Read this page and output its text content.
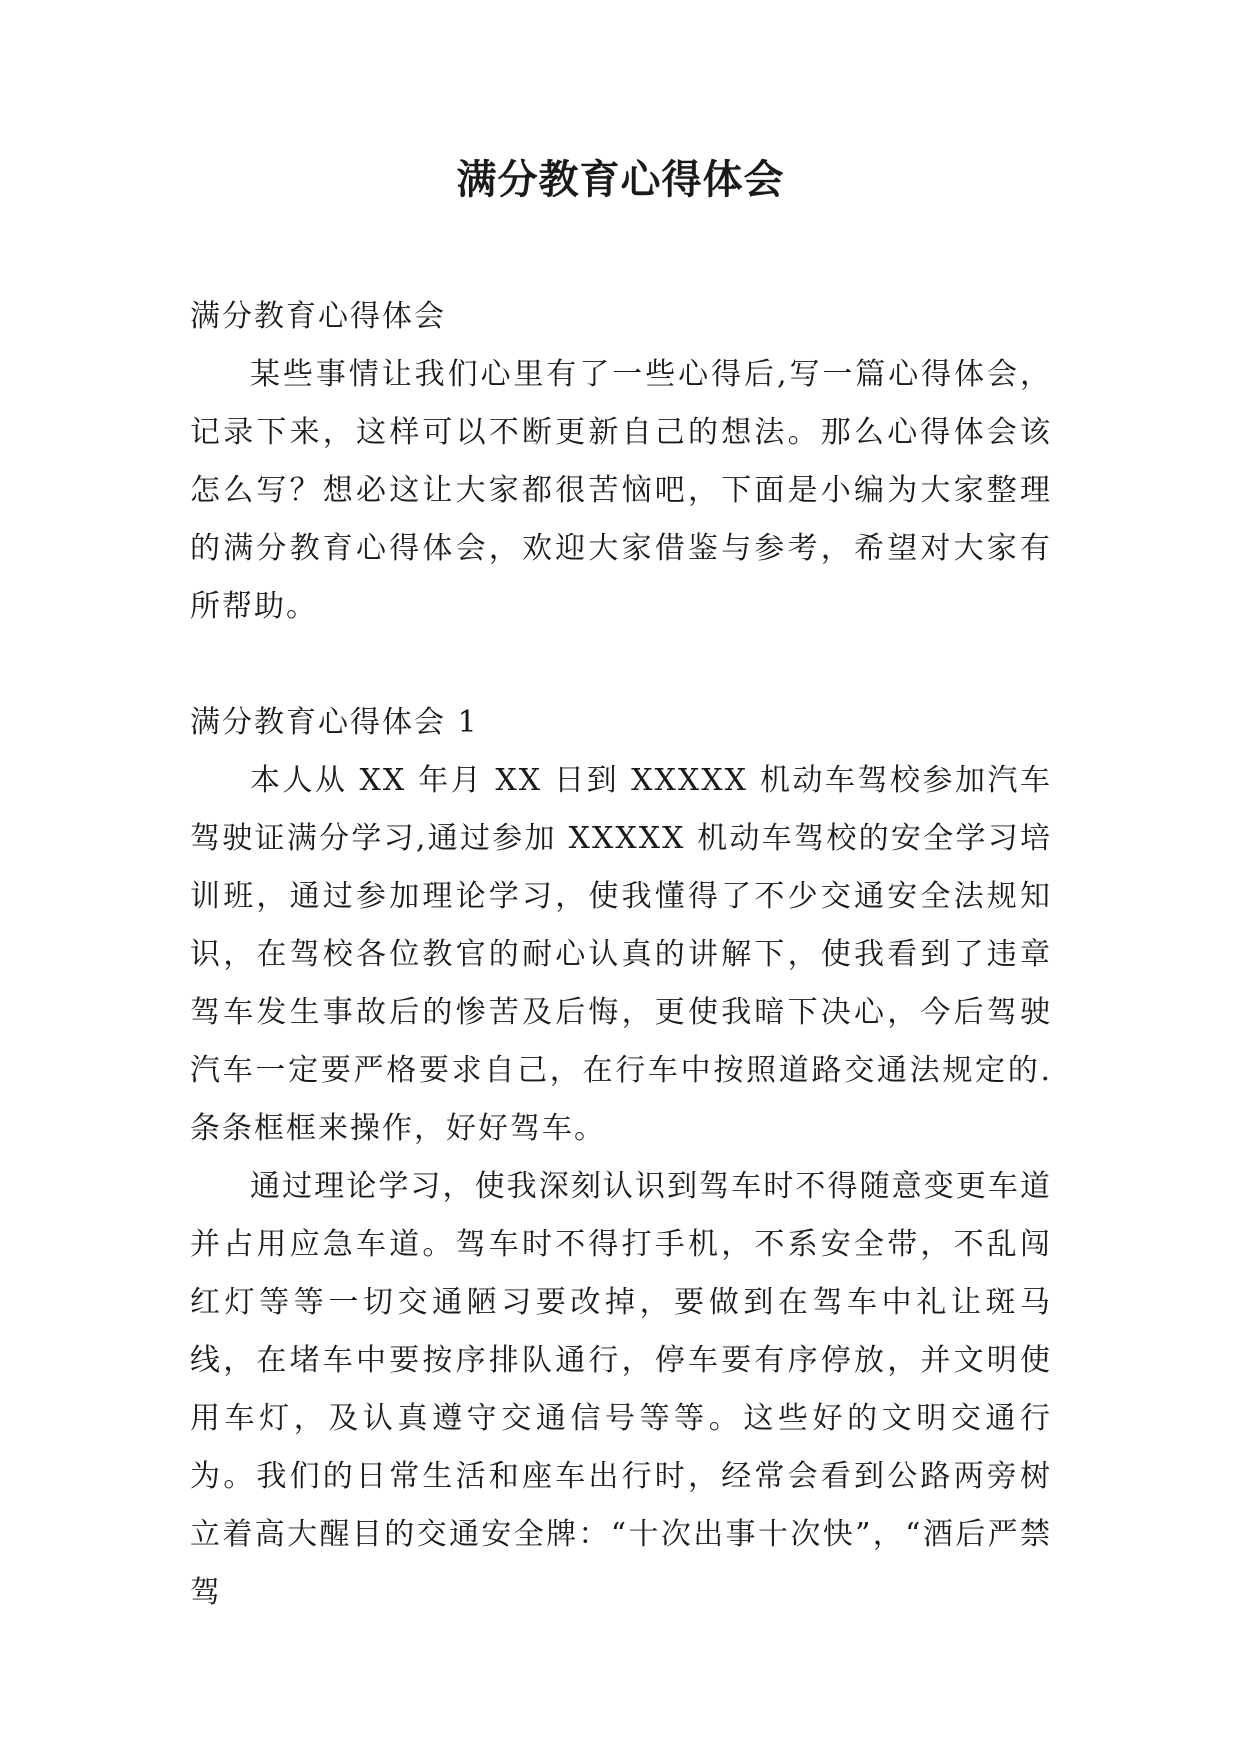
满分教育心得体会

满分教育心得体会

某些事情让我们心里有了一些心得后,写一篇心得体会，记录下来，这样可以不断更新自己的想法。那么心得体会该怎么写？想必这让大家都很苦恼吧，下面是小编为大家整理的满分教育心得体会，欢迎大家借鉴与参考，希望对大家有所帮助。

满分教育心得体会 1

本人从 XX 年月 XX 日到 XXXXX 机动车驾校参加汽车驾驶证满分学习,通过参加 XXXXX 机动车驾校的安全学习培训班，通过参加理论学习，使我懂得了不少交通安全法规知识，在驾校各位教官的耐心认真的讲解下，使我看到了违章驾车发生事故后的惨苦及后悔，更使我暗下决心，今后驾驶汽车一定要严格要求自己，在行车中按照道路交通法规定的.条条框框来操作，好好驾车。

通过理论学习，使我深刻认识到驾车时不得随意变更车道并占用应急车道。驾车时不得打手机，不系安全带，不乱闯红灯等等一切交通陋习要改掉，要做到在驾车中礼让斑马线，在堵车中要按序排队通行，停车要有序停放，并文明使用车灯，及认真遵守交通信号等等。这些好的文明交通行为。我们的日常生活和座车出行时，经常会看到公路两旁树立着高大醒目的交通安全牌：“十次出事十次快”，“酒后严禁驾
